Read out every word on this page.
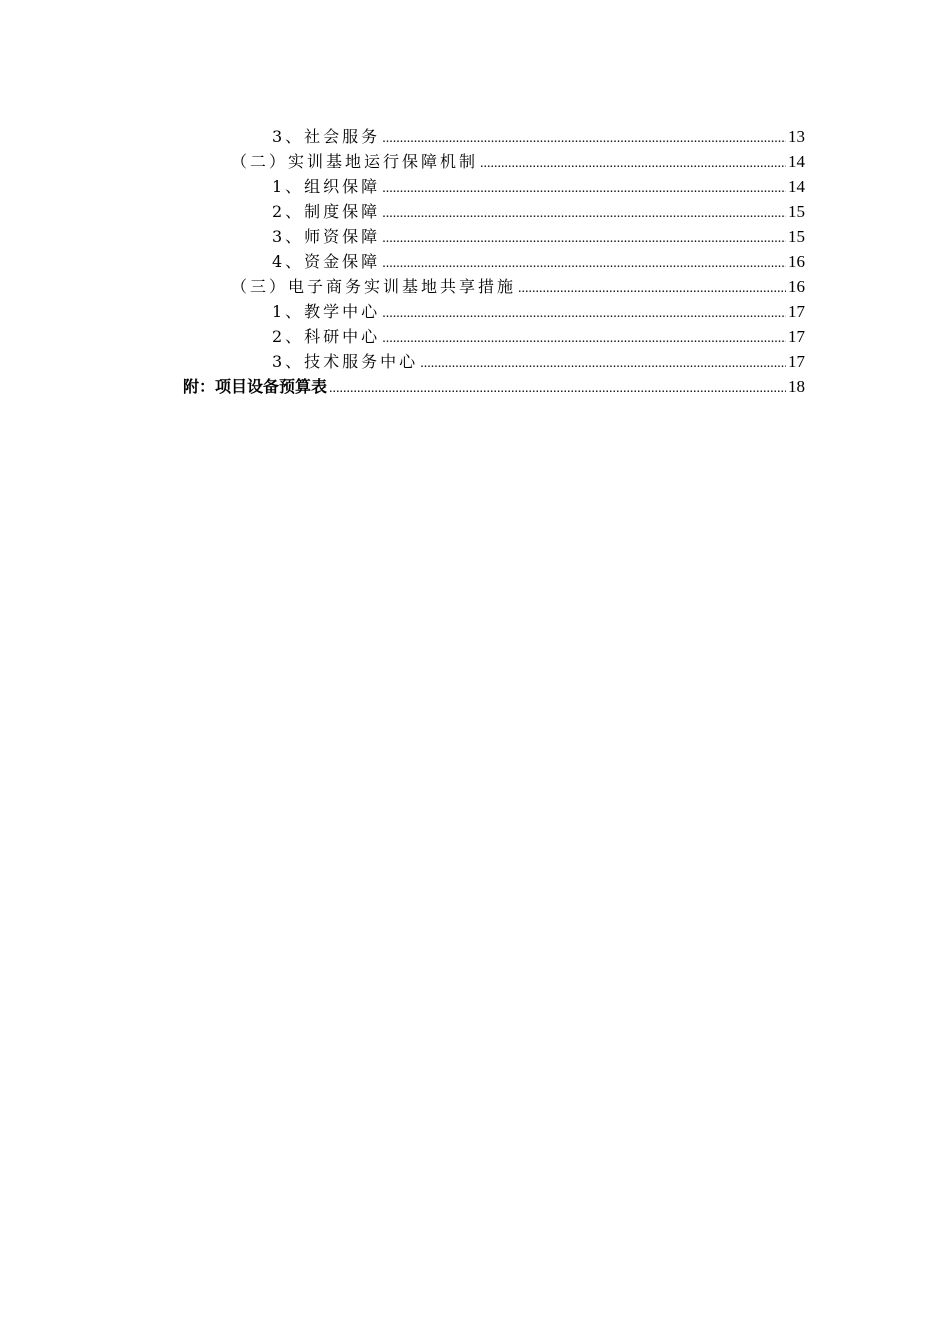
3、社会服务 .....	13
（二）实训基地运行保障机制 .....	14
1、组织保障 .....	14
2、制度保障 .....	15
3、师资保障 .....	15
4、资金保障 .....	16
（三）电子商务实训基地共享措施 .....	16
1、教学中心 .....	17
2、科研中心 .....	17
3、技术服务中心 .....	17
附：项目设备预算表 .....	18
